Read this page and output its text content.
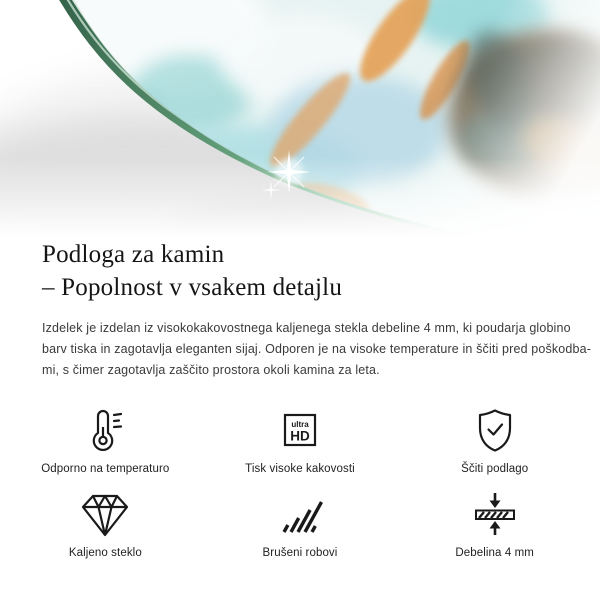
Podloga za kamin
– Popolnost v vsakem detajlu
Izdelek je izdelan iz visokokakovostnega kaljenega stekla debeline 4 mm, ki poudarja globino
barv tiska in zagotavlja eleganten sijaj. Odporen je na visoke temperature in ščiti pred poškodba-
mi, s čimer zagotavlja zaščito prostora okoli kamina za leta.
Odporno na temperaturo
ultra
HD
Tisk visoke kakovosti	Ščiti podlago
Kaljeno steklo	Brušeni robovi	Debelina 4 mm
